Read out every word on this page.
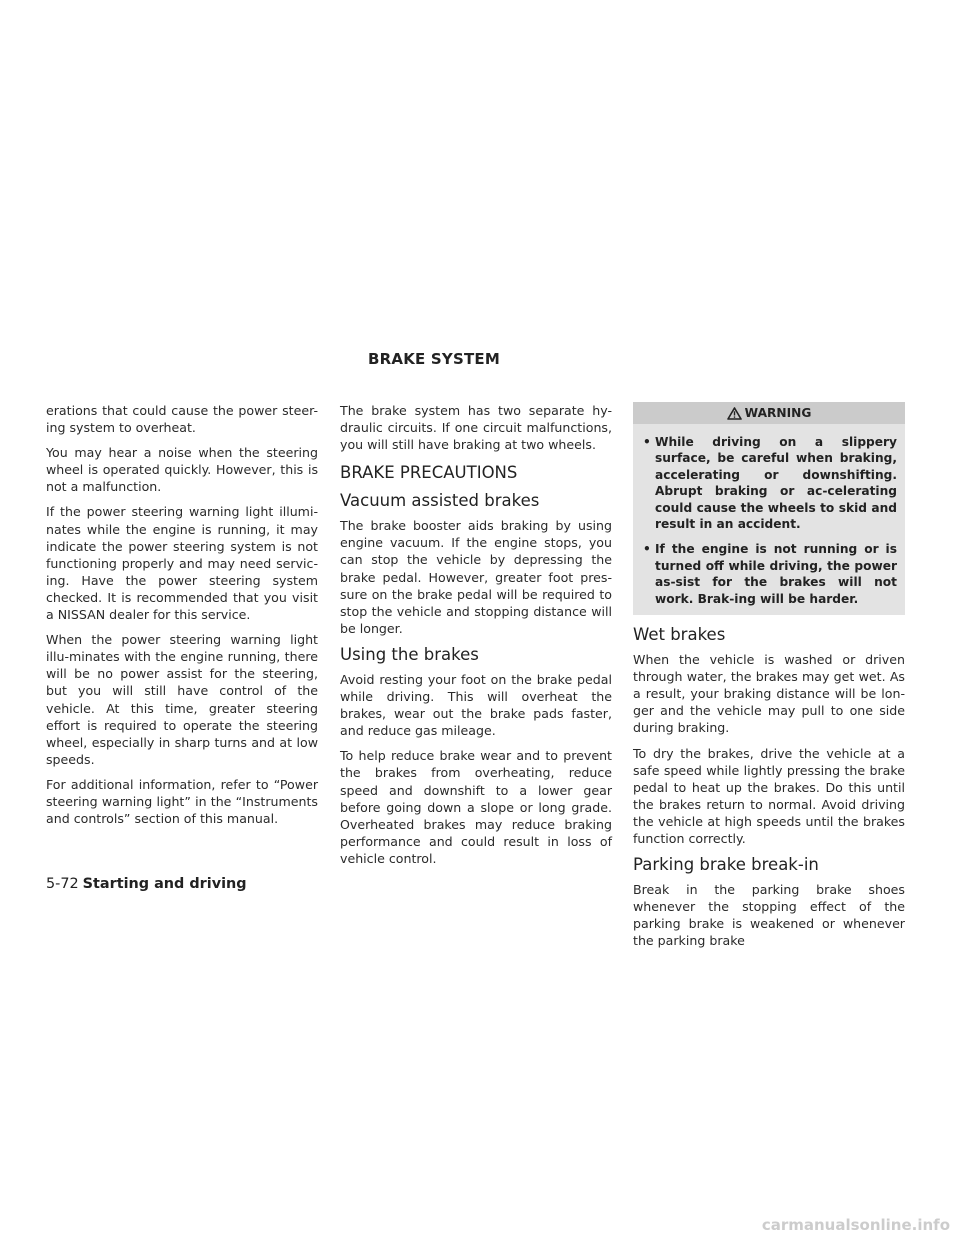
BRAKE SYSTEM

erations that could cause the power steer-ing system to overheat.

You may hear a noise when the steering wheel is operated quickly. However, this is not a malfunction.

If the power steering warning light illumi-nates while the engine is running, it may indicate the power steering system is not functioning properly and may need servic-ing. Have the power steering system checked. It is recommended that you visit a NISSAN dealer for this service.

When the power steering warning light illu-minates with the engine running, there will be no power assist for the steering, but you will still have control of the vehicle. At this time, greater steering effort is required to operate the steering wheel, especially in sharp turns and at low speeds.

For additional information, refer to “Power steering warning light” in the “Instruments and controls” section of this manual.

The brake system has two separate hy-draulic circuits. If one circuit malfunctions, you will still have braking at two wheels.

BRAKE PRECAUTIONS
Vacuum assisted brakes

The brake booster aids braking by using engine vacuum. If the engine stops, you can stop the vehicle by depressing the brake pedal. However, greater foot pres-sure on the brake pedal will be required to stop the vehicle and stopping distance will be longer.

Using the brakes

Avoid resting your foot on the brake pedal while driving. This will overheat the brakes, wear out the brake pads faster, and reduce gas mileage.

To help reduce brake wear and to prevent the brakes from overheating, reduce speed and downshift to a lower gear before going down a slope or long grade. Overheated brakes may reduce braking performance and could result in loss of vehicle control.

WARNING
• While driving on a slippery surface, be careful when braking, accelerating or downshifting. Abrupt braking or ac-celerating could cause the wheels to skid and result in an accident.
• If the engine is not running or is turned off while driving, the power as-sist for the brakes will not work. Brak-ing will be harder.
Wet brakes

When the vehicle is washed or driven through water, the brakes may get wet. As a result, your braking distance will be lon-ger and the vehicle may pull to one side during braking.

To dry the brakes, drive the vehicle at a safe speed while lightly pressing the brake pedal to heat up the brakes. Do this until the brakes return to normal. Avoid driving the vehicle at high speeds until the brakes function correctly.

Parking brake break-in

Break in the parking brake shoes whenever the stopping effect of the parking brake is weakened or whenever the parking brake

5-72 Starting and driving
carmanualsonline.info
